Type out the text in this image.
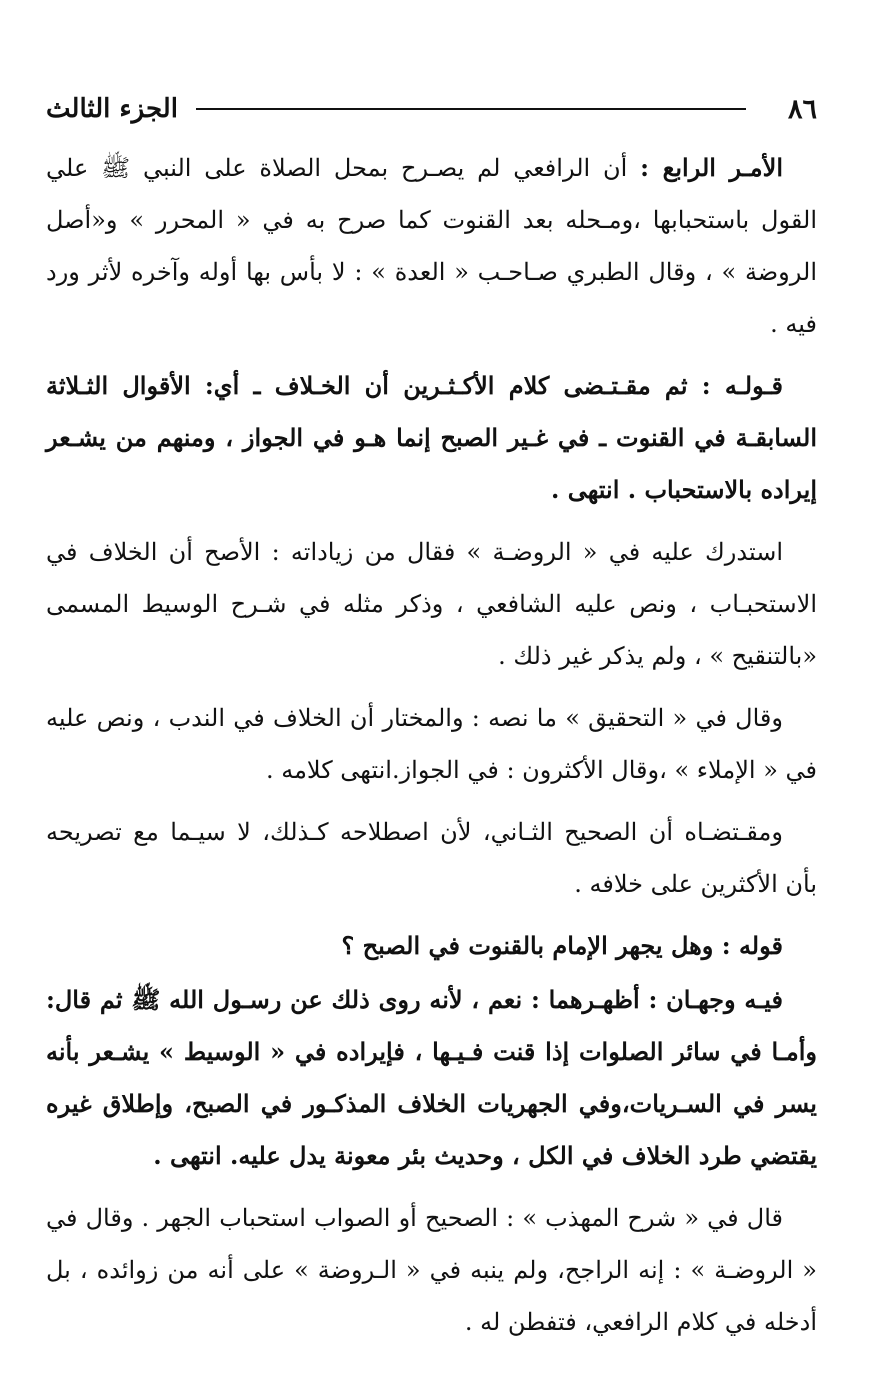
٨٦
الجزء الثالث

الأمـر الرابع : أن الرافعي لم يصـرح بمحل الصلاة على النبي ﷺ علي القول باستحبابها ،ومـحله بعد القنوت كما صرح به في « المحرر » و«أصل الروضة » ، وقال الطبري صـاحـب « العدة » : لا بأس بها أوله وآخره لأثر ورد فيه .

قـولـه : ثم مقـتـضى كلام الأكـثـرين أن الخـلاف ـ أي: الأقوال الثـلاثة السابقـة في القنوت ـ في غـير الصبح إنما هـو في الجواز ، ومنهم من يشـعر إيراده بالاستحباب . انتهى .

استدرك عليه في « الروضـة » فقال من زياداته : الأصح أن الخلاف في الاستحبـاب ، ونص عليه الشافعي ، وذكر مثله في شـرح الوسيط المسمى «بالتنقيح » ، ولم يذكر غير ذلك .

وقال في « التحقيق » ما نصه : والمختار أن الخلاف في الندب ، ونص عليه في « الإملاء » ،وقال الأكثرون : في الجواز.انتهى كلامه .

ومقـتضـاه أن الصحيح الثـاني، لأن اصطلاحه كـذلك، لا سيـما مع تصريحه بأن الأكثرين على خلافه .

قوله : وهل يجهر الإمام بالقنوت في الصبح ؟

فيـه وجهـان : أظهـرهما : نعم ، لأنه روى ذلك عن رسـول الله ﷺ ثم قال: وأمـا في سائر الصلوات إذا قنت فـيـها ، فإيراده في « الوسيط » يشـعر بأنه يسر في السـريات،وفي الجهريات الخلاف المذكـور في الصبح، وإطلاق غيره يقتضي طرد الخلاف في الكل ، وحديث بئر معونة يدل عليه. انتهى .

قال في « شرح المهذب » : الصحيح أو الصواب استحباب الجهر . وقال في « الروضـة » : إنه الراجح، ولم ينبه في « الـروضة » على أنه من زوائده ، بل أدخله في كلام الرافعي، فتفطن له .
